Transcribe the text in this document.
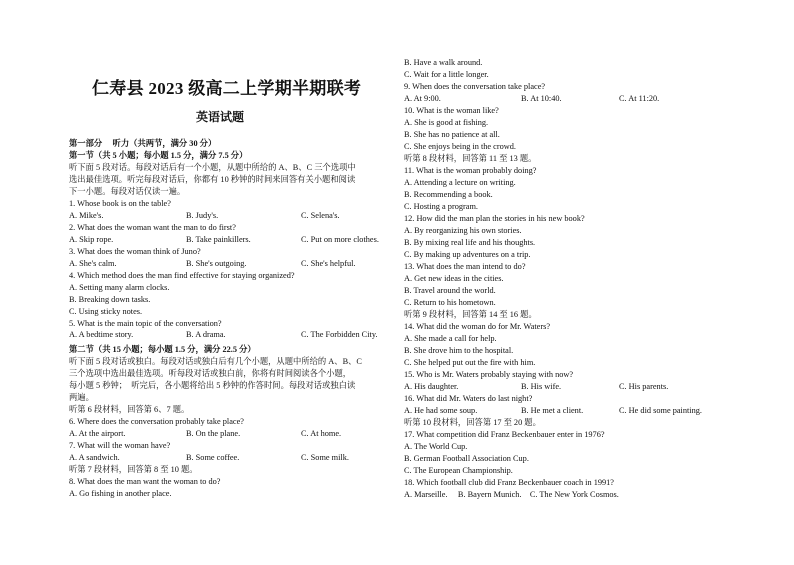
仁寿县 2023 级高二上学期半期联考
英语试题
第一部分　 听力（共两节，满分 30 分）
第一节（共 5 小题；每小题 1.5 分，满分 7.5 分）
听下面 5 段对话。每段对话后有一个小题，从题中所给的 A、B、C 三个选项中
选出最佳选项。听完每段对话后，你都有 10 秒钟的时间来回答有关小题和阅读
下一小题。每段对话仅读一遍。
1. Whose book is on the table?
A. Mike's.	B. Judy's.	C. Selena's.
2. What does the woman want the man to do first?
A. Skip rope.	B. Take painkillers.	C. Put on more clothes.
3. What does the woman think of Juno?
A. She's calm.	B. She's outgoing.	C. She's helpful.
4. Which method does the man find effective for staying organized?
A. Setting many alarm clocks.
B. Breaking down tasks.
C. Using sticky notes.
5. What is the main topic of the conversation?
A. A bedtime story.	B. A drama.	C. The Forbidden City.
第二节（共 15 小题；每小题 1.5 分，满分 22.5 分）
听下面 5 段对话或独白。每段对话或独白后有几个小题，从题中所给的 A、B、C
三个选项中选出最佳选项。听每段对话或独白前，你将有时间阅读各个小题，
每小题 5 秒钟；　听完后，各小题将给出 5 秒钟的作答时间。每段对话或独白读
两遍。
听第 6 段材料，回答第 6、7 题。
6. Where does the conversation probably take place?
A. At the airport.	B. On the plane.	C. At home.
7. What will the woman have?
A. A sandwich.	B. Some coffee.	C. Some milk.
听第 7 段材料，回答第 8 至 10 题。
8. What does the man want the woman to do?
A. Go fishing in another place.
B. Have a walk around.
C. Wait for a little longer.
9. When does the conversation take place?
A. At 9:00.	B. At 10:40.	C. At 11:20.
10. What is the woman like?
A. She is good at fishing.
B. She has no patience at all.
C. She enjoys being in the crowd.
听第 8 段材料，回答第 11 至 13 题。
11. What is the woman probably doing?
A. Attending a lecture on writing.
B. Recommending a book.
C. Hosting a program.
12. How did the man plan the stories in his new book?
A. By reorganizing his own stories.
B. By mixing real life and his thoughts.
C. By making up adventures on a trip.
13. What does the man intend to do?
A. Get new ideas in the cities.
B. Travel around the world.
C. Return to his hometown.
听第 9 段材料，回答第 14 至 16 题。
14. What did the woman do for Mr. Waters?
A. She made a call for help.
B. She drove him to the hospital.
C. She helped put out the fire with him.
15. Who is Mr. Waters probably staying with now?
A. His daughter.	B. His wife.	C. His parents.
16. What did Mr. Waters do last night?
A. He had some soup.	B. He met a client.	C. He did some painting.
听第 10 段材料，回答第 17 至 20 题。
17. What competition did Franz Beckenbauer enter in 1976?
A. The World Cup.
B. German Football Association Cup.
C. The European Championship.
18. Which football club did Franz Beckenbauer coach in 1991?
A. Marseille.　 B. Bayern Munich.　C. The New York Cosmos.
